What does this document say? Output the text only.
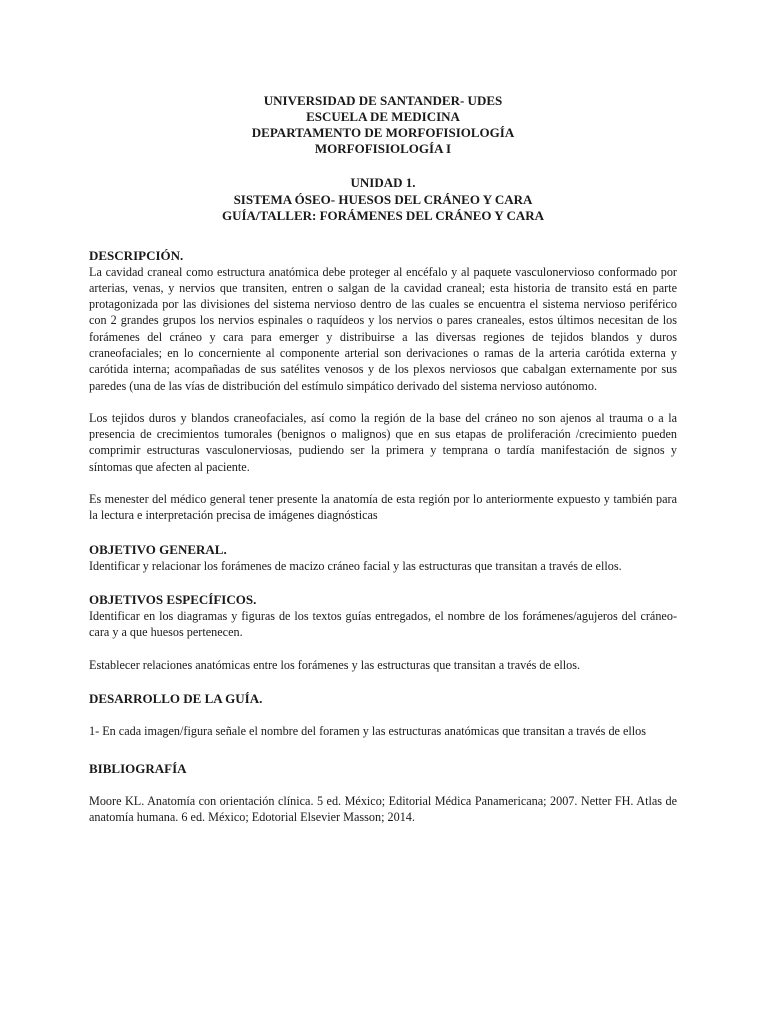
UNIVERSIDAD DE SANTANDER- UDES
ESCUELA DE MEDICINA
DEPARTAMENTO DE MORFOFISIOLOGÍA
MORFOFISIOLOGÍA I
UNIDAD 1.
SISTEMA ÓSEO- HUESOS DEL CRÁNEO Y CARA
GUÍA/TALLER: FORÁMENES DEL CRÁNEO Y CARA

DESCRIPCIÓN.

La cavidad craneal como estructura anatómica debe proteger al encéfalo y al paquete vasculonervioso conformado por arterias, venas, y nervios que transiten, entren o salgan de la cavidad craneal; esta historia de transito está en parte protagonizada por las divisiones del sistema nervioso dentro de las cuales se encuentra el sistema nervioso periférico con 2 grandes grupos los nervios espinales o raquídeos y los nervios o pares craneales, estos últimos necesitan de los forámenes del cráneo y cara para emerger y distribuirse a las diversas regiones de tejidos blandos y duros craneofaciales; en lo concerniente al componente arterial son derivaciones o ramas de la arteria carótida externa y carótida interna; acompañadas de sus satélites venosos y de los plexos nerviosos que cabalgan externamente por sus paredes (una de las vías de distribución del estímulo simpático derivado del sistema nervioso autónomo.

Los tejidos duros y blandos craneofaciales, así como la región de la base del cráneo no son ajenos al trauma o a la presencia de crecimientos tumorales (benignos o malignos) que en sus etapas de proliferación /crecimiento pueden comprimir estructuras vasculonerviosas, pudiendo ser la primera y temprana o tardía manifestación de signos y síntomas que afecten al paciente.

Es menester del médico general tener presente la anatomía de esta región por lo anteriormente expuesto y también para la lectura e interpretación precisa de imágenes diagnósticas

OBJETIVO GENERAL.

Identificar y relacionar los forámenes de macizo cráneo facial y las estructuras que transitan a través de ellos.

OBJETIVOS ESPECÍFICOS.

Identificar en los diagramas y figuras de los textos guías entregados, el nombre de los forámenes/agujeros del cráneo- cara y a que huesos pertenecen.

Establecer relaciones anatómicas entre los forámenes y las estructuras que transitan a través de ellos.

DESARROLLO DE LA GUÍA.

1- En cada imagen/figura señale el nombre del foramen y las estructuras anatómicas que transitan a través de ellos

BIBLIOGRAFÍA

Moore KL. Anatomía con orientación clínica. 5 ed. México; Editorial Médica Panamericana; 2007. Netter FH. Atlas de anatomía humana. 6 ed. México; Edotorial Elsevier Masson; 2014.
